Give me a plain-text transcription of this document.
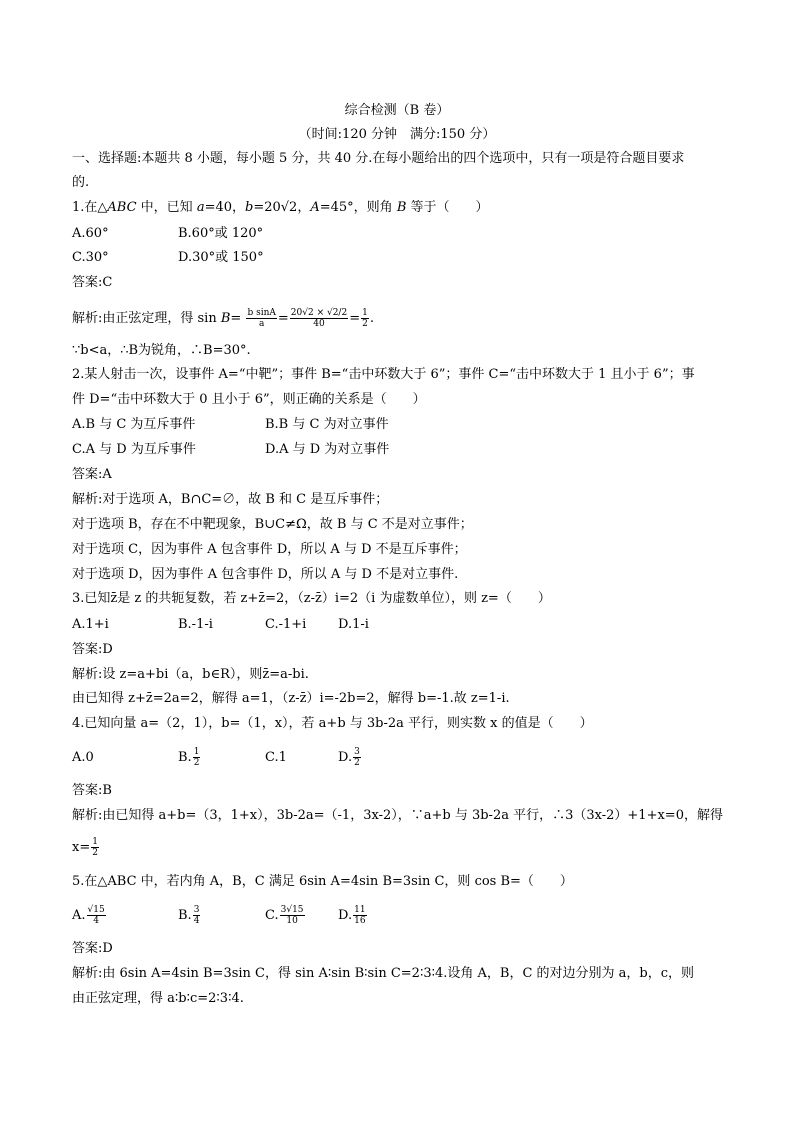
综合检测（B 卷）
（时间:120 分钟　满分:150 分）
一、选择题:本题共 8 小题，每小题 5 分，共 40 分.在每小题给出的四个选项中，只有一项是符合题目要求
的.
1.在△ABC 中，已知 a=40，b=20√2，A=45°，则角 B 等于（　　）
A.60°	B.60°或 120°
C.30°	D.30°或 150°
答案:C
解析:由正弦定理，得 $\sin B= \frac{\text{b sinA}}{a} = \frac{20√2 \times √2/2}{40} = \frac{1}{2}$ .
∵b<a，∴B为锐角，∴B=30°.
2.某人射击一次，设事件 A=“中靶”；事件 B=“击中环数大于 6”；事件 C=“击中环数大于 1 且小于 6”；事
件 D=“击中环数大于 0 且小于 6”，则正确的关系是（　　）
A.B 与 C 为互斥事件	B.B 与 C 为对立事件
C.A 与 D 为互斥事件	D.A 与 D 为对立事件
答案:A
解析:对于选项 A，B∩C=∅，故 B 和 C 是互斥事件；
对于选项 B，存在不中靶现象，B∪C≠Ω，故 B 与 C 不是对立事件；
对于选项 C，因为事件 A 包含事件 D，所以 A 与 D 不是互斥事件；
对于选项 D，因为事件 A 包含事件 D，所以 A 与 D 不是对立事件.
3.已知z̄是 z 的共轭复数，若 z+z̄=2，（z-z̄）i=2（i 为虚数单位），则 z=（　　）
A.1+i	B.-1-i	C.-1+i D.1-i
答案:D
解析:设 z=a+bi（a，b∈R），则z̄=a-bi.
由已知得 z+z̄=2a=2，解得 a=1，（z-z̄）i=-2b=2，解得 b=-1.故 z=1-i.
4.已知向量 a=（2，1），b=（1，x），若 a+b 与 3b-2a 平行，则实数 x 的值是（　　）
A.0	B. $\frac{1}{2}$	C.1	D. $\frac{3}{2}$
答案:B
解析:由已知得 a+b=（3，1+x），3b-2a=（-1，3x-2），∵a+b 与 3b-2a 平行，∴3（3x-2）+1+x=0，解得
$x= \frac{1}{2}$
5.在△ABC 中，若内角 A，B，C 满足 6sin A=4sin B=3sin C，则 cos B=（　　）
A. $\frac{√15}{4}$	B. $\frac{3}{4}$	C. $\frac{3√15}{10}$	D. $\frac{11}{16}$
答案:D
解析:由 6sin A=4sin B=3sin C，得 sin A∶sin B∶sin C=2∶3∶4.设角 A，B，C 的对边分别为 a，b，c，则
由正弦定理，得 a∶b∶c=2∶3∶4.
